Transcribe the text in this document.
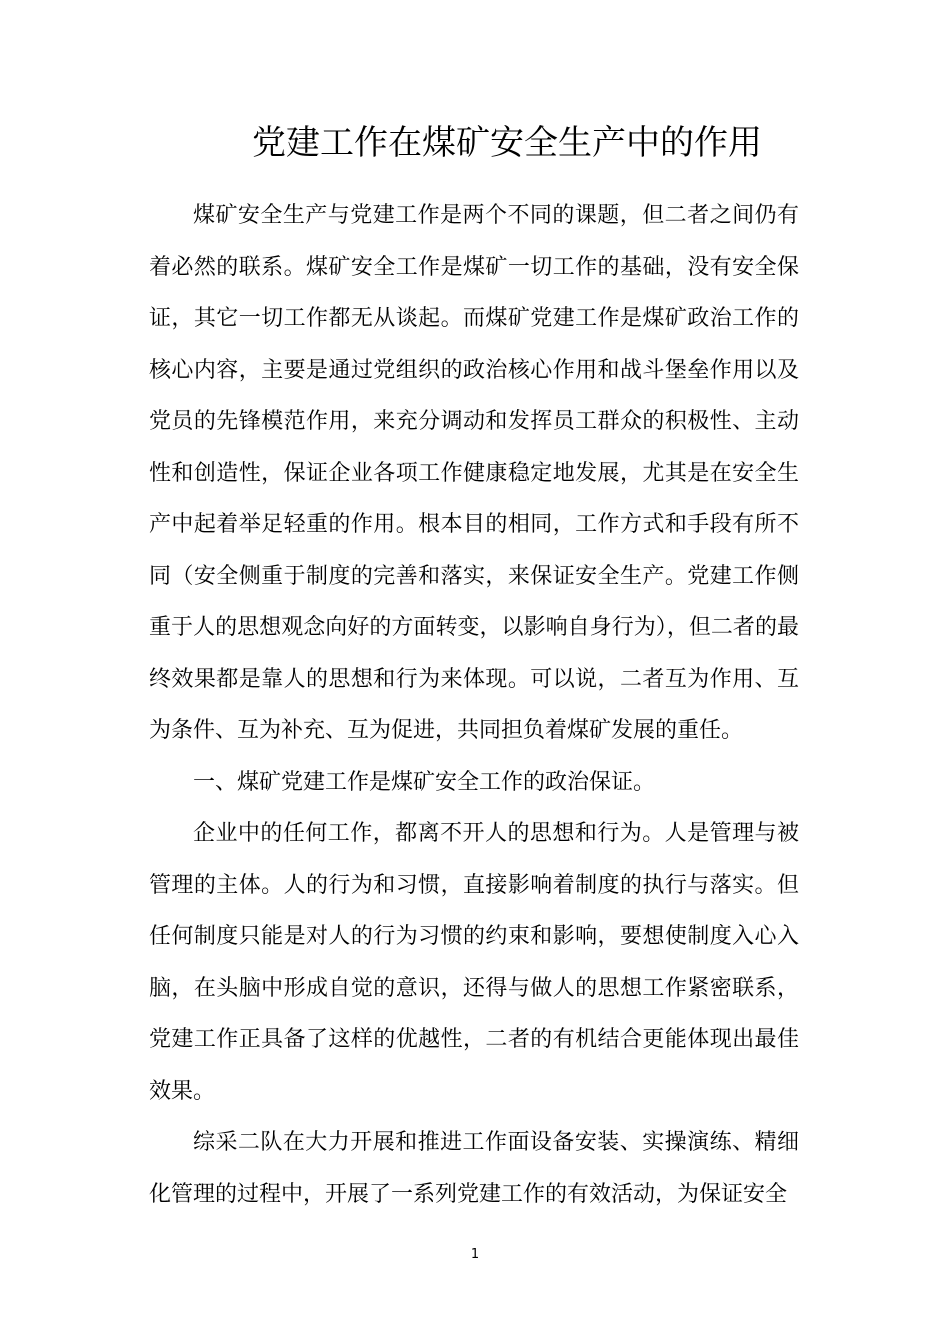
党建工作在煤矿安全生产中的作用

煤矿安全生产与党建工作是两个不同的课题，但二者之间仍有着必然的联系。煤矿安全工作是煤矿一切工作的基础，没有安全保证，其它一切工作都无从谈起。而煤矿党建工作是煤矿政治工作的核心内容，主要是通过党组织的政治核心作用和战斗堡垒作用以及党员的先锋模范作用，来充分调动和发挥员工群众的积极性、主动性和创造性，保证企业各项工作健康稳定地发展，尤其是在安全生产中起着举足轻重的作用。根本目的相同，工作方式和手段有所不同（安全侧重于制度的完善和落实，来保证安全生产。党建工作侧重于人的思想观念向好的方面转变，以影响自身行为），但二者的最终效果都是靠人的思想和行为来体现。可以说，二者互为作用、互为条件、互为补充、互为促进，共同担负着煤矿发展的重任。

一、煤矿党建工作是煤矿安全工作的政治保证。

企业中的任何工作，都离不开人的思想和行为。人是管理与被管理的主体。人的行为和习惯，直接影响着制度的执行与落实。但任何制度只能是对人的行为习惯的约束和影响，要想使制度入心入脑，在头脑中形成自觉的意识，还得与做人的思想工作紧密联系，党建工作正具备了这样的优越性，二者的有机结合更能体现出最佳效果。

综采二队在大力开展和推进工作面设备安装、实操演练、精细化管理的过程中，开展了一系列党建工作的有效活动，为保证安全

1
